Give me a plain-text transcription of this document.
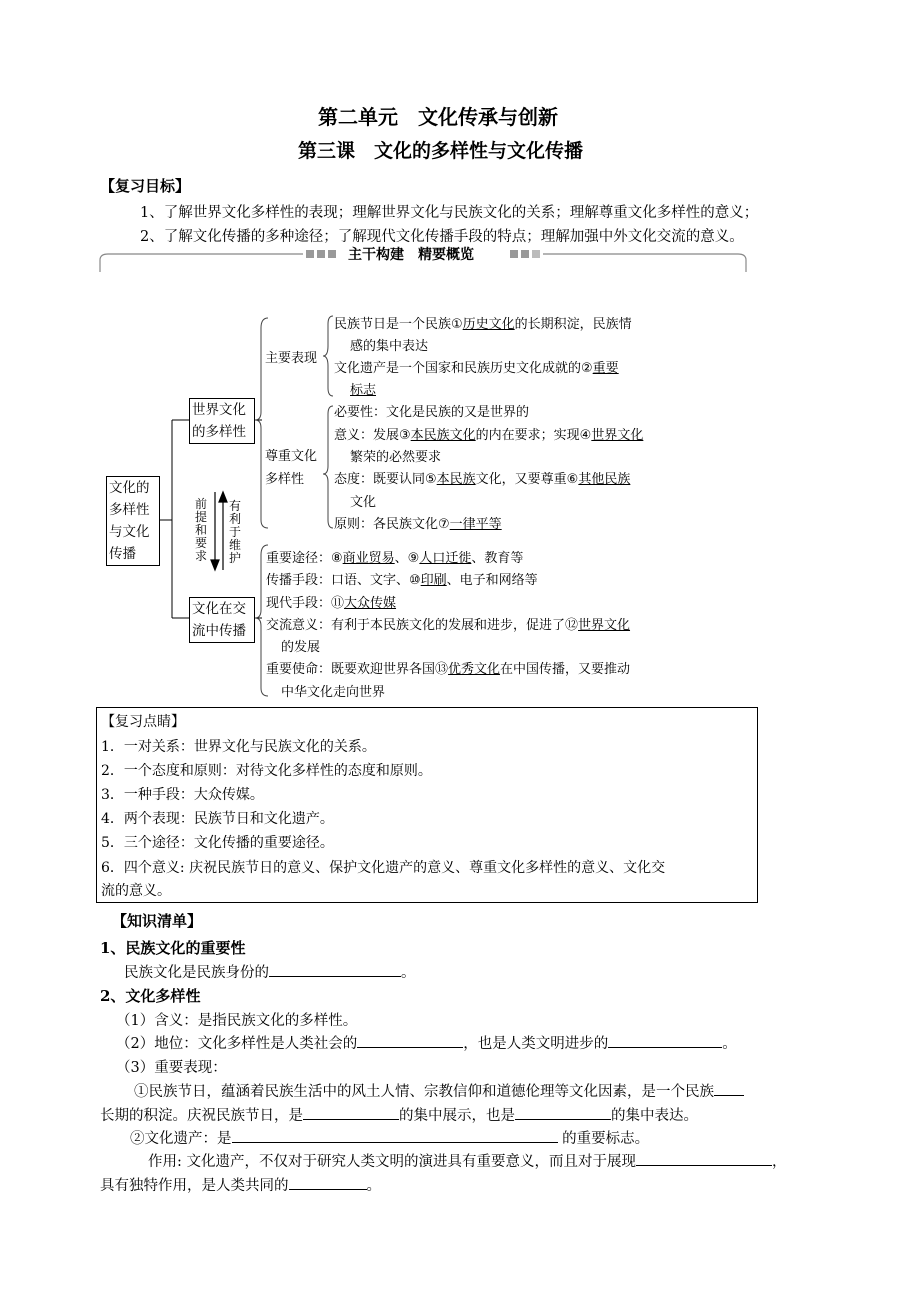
第二单元　文化传承与创新
第三课　文化的多样性与文化传播
【复习目标】
1、了解世界文化多样性的表现；理解世界文化与民族文化的关系；理解尊重文化多样性的意义；
2、了解文化传播的多种途径；了解现代文化传播手段的特点；理解加强中外文化交流的意义。
主干构建　精要概览
文化的
多样性
与文化
传播
世界文化
的多样性
文化在交
流中传播
前
提
和
要
求
有
利
于
维
护
主要表现
尊重文化
多样性
民族节日是一个民族①历史文化的长期积淀，民族情
感的集中表达
文化遗产是一个国家和民族历史文化成就的②重要
标志
必要性：文化是民族的又是世界的
意义：发展③本民族文化的内在要求；实现④世界文化
繁荣的必然要求
态度：既要认同⑤本民族文化，又要尊重⑥其他民族
文化
原则：各民族文化⑦一律平等
重要途径：⑧商业贸易、⑨人口迁徙、教育等
传播手段：口语、文字、⑩印刷、电子和网络等
现代手段：⑪大众传媒
交流意义：有利于本民族文化的发展和进步，促进了⑫世界文化
的发展
重要使命：既要欢迎世界各国⑬优秀文化在中国传播，又要推动
中华文化走向世界
【复习点睛】
1．一对关系：世界文化与民族文化的关系。
2．一个态度和原则：对待文化多样性的态度和原则。
3．一种手段：大众传媒。
4．两个表现：民族节日和文化遗产。
5．三个途径：文化传播的重要途径。
6．四个意义: 庆祝民族节日的意义、保护文化遗产的意义、尊重文化多样性的意义、文化交
流的意义。
【知识清单】
1、民族文化的重要性
民族文化是民族身份的	。
2、文化多样性
（1）含义：是指民族文化的多样性。
（2）地位：文化多样性是人类社会的	，也是人类文明进步的	。
（3）重要表现：
①民族节日，蕴涵着民族生活中的风土人情、宗教信仰和道德伦理等文化因素，是一个民族
长期的积淀。庆祝民族节日，是	的集中展示，也是	的集中表达。
②文化遗产：是	的重要标志。
作用: 文化遗产，不仅对于研究人类文明的演进具有重要意义，而且对于展现	，
具有独特作用，是人类共同的	。
